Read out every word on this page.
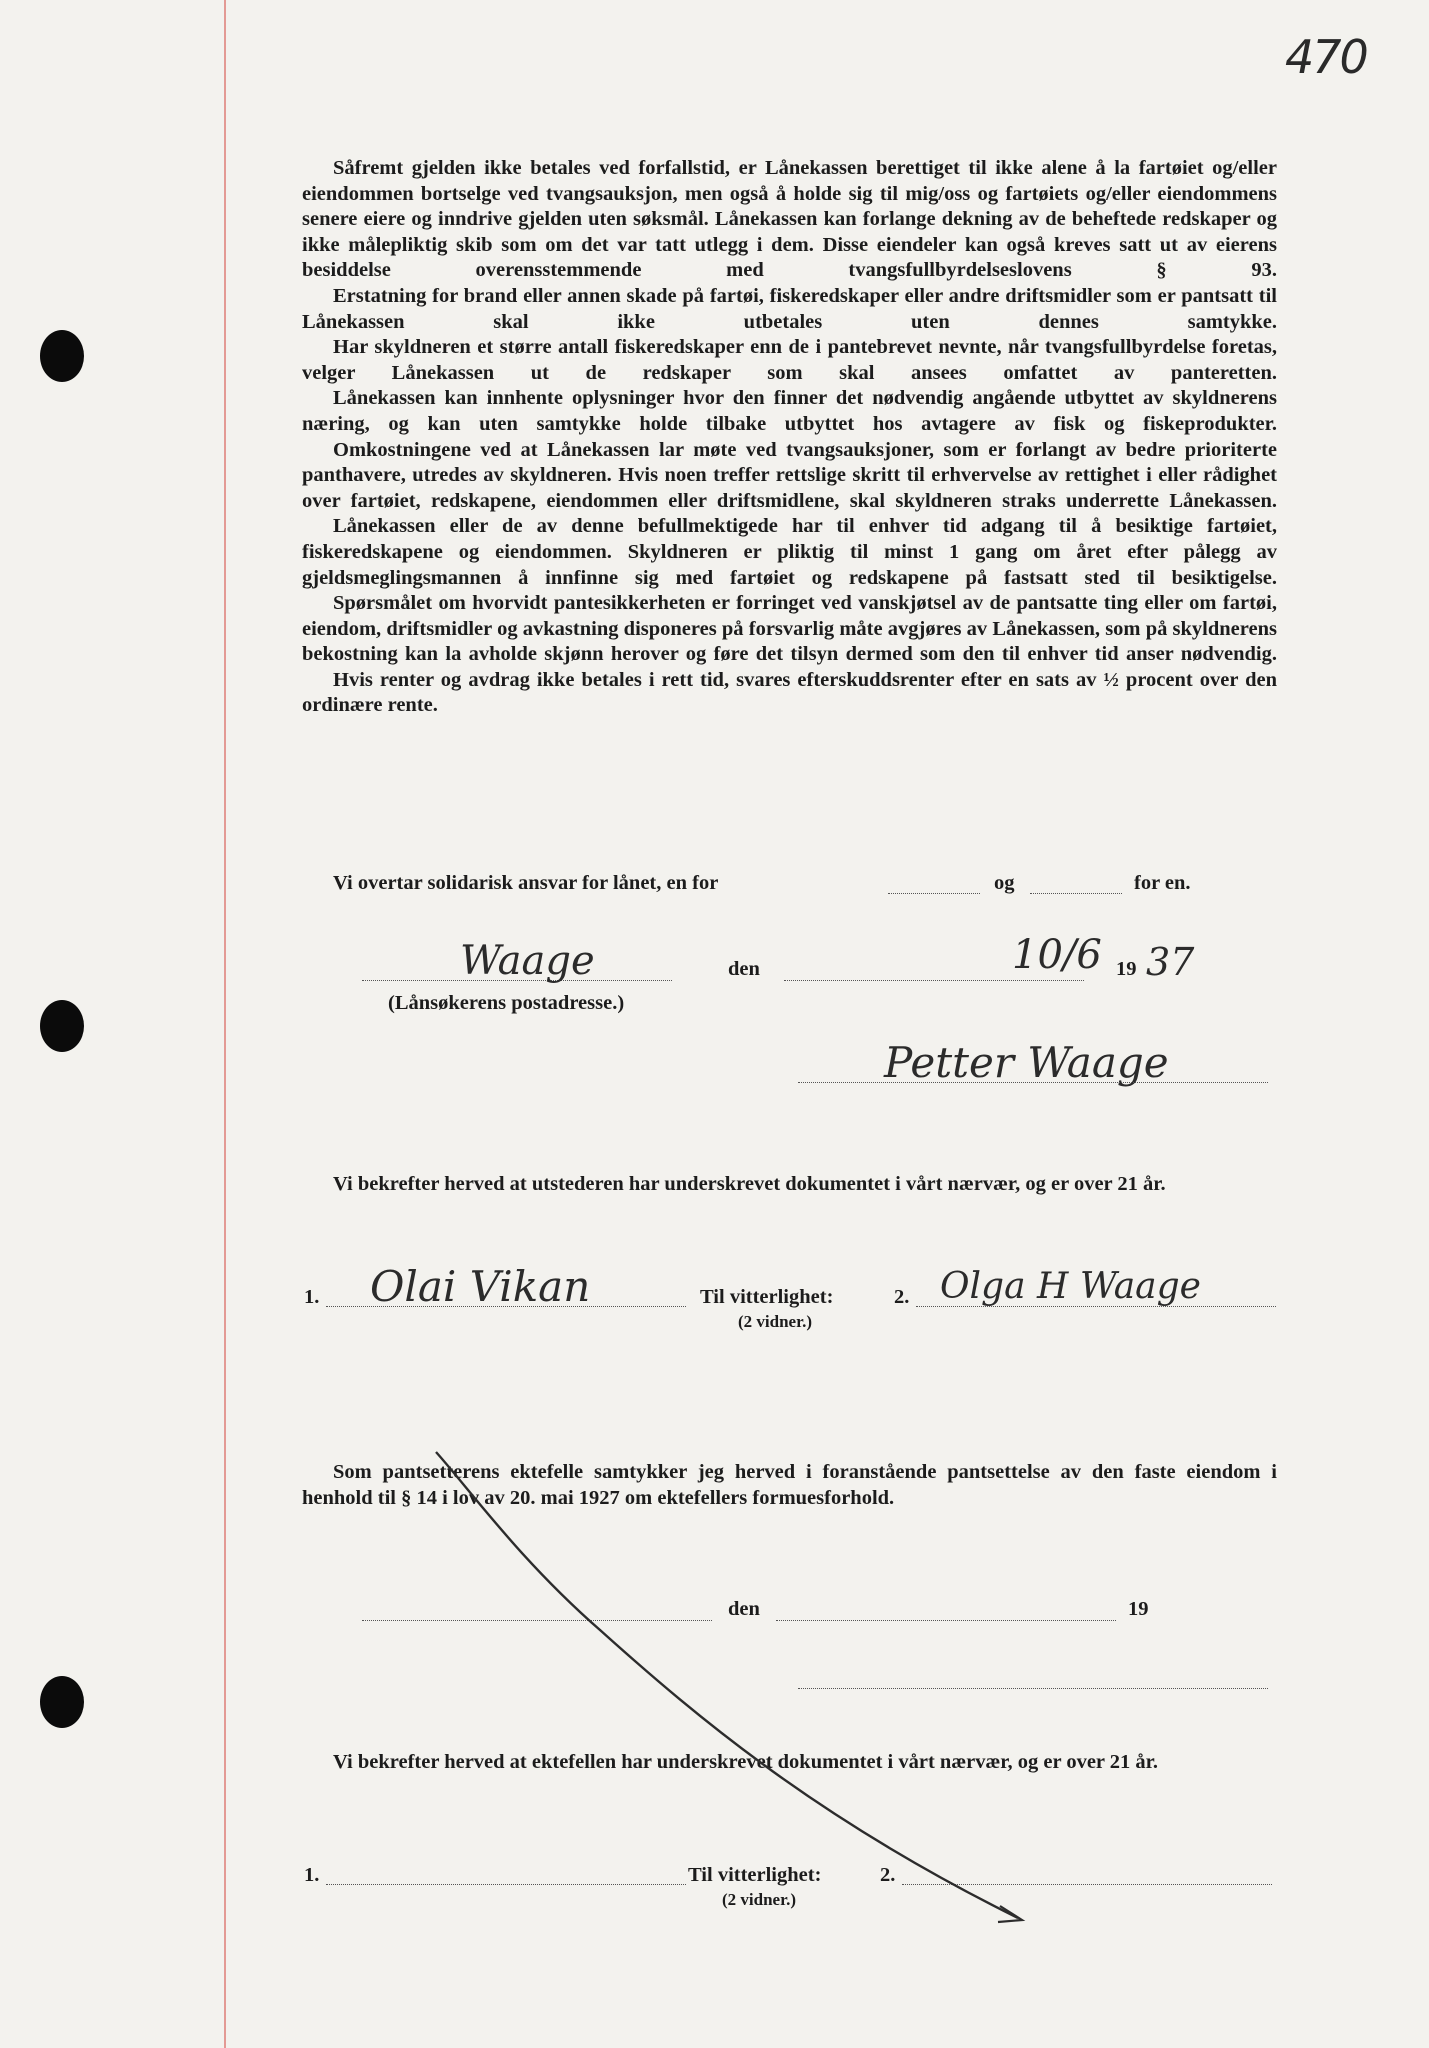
470

Såfremt gjelden ikke betales ved forfallstid, er Lånekassen berettiget til ikke alene å la fartøiet og/eller eiendommen bortselge ved tvangsauksjon, men også å holde sig til mig/oss og fartøiets og/eller eiendommens senere eiere og inndrive gjelden uten søksmål. Lånekassen kan forlange dekning av de beheftede redskaper og ikke målepliktig skib som om det var tatt utlegg i dem. Disse eiendeler kan også kreves satt ut av eierens besiddelse overensstemmende med tvangsfullbyrdelseslovens § 93.

Erstatning for brand eller annen skade på fartøi, fiskeredskaper eller andre driftsmidler som er pantsatt til Lånekassen skal ikke utbetales uten dennes samtykke.

Har skyldneren et større antall fiskeredskaper enn de i pantebrevet nevnte, når tvangsfullbyrdelse foretas, velger Lånekassen ut de redskaper som skal ansees omfattet av panteretten.

Lånekassen kan innhente oplysninger hvor den finner det nødvendig angående utbyttet av skyldnerens næring, og kan uten samtykke holde tilbake utbyttet hos avtagere av fisk og fiskeprodukter.

Omkostningene ved at Lånekassen lar møte ved tvangsauksjoner, som er forlangt av bedre prioriterte panthavere, utredes av skyldneren. Hvis noen treffer rettslige skritt til erhvervelse av rettighet i eller rådighet over fartøiet, redskapene, eiendommen eller driftsmidlene, skal skyldneren straks underrette Lånekassen.

Lånekassen eller de av denne befullmektigede har til enhver tid adgang til å besiktige fartøiet, fiskeredskapene og eiendommen. Skyldneren er pliktig til minst 1 gang om året efter pålegg av gjeldsmeglingsmannen å innfinne sig med fartøiet og redskapene på fastsatt sted til besiktigelse.

Spørsmålet om hvorvidt pantesikkerheten er forringet ved vanskjøtsel av de pantsatte ting eller om fartøi, eiendom, driftsmidler og avkastning disponeres på forsvarlig måte avgjøres av Lånekassen, som på skyldnerens bekostning kan la avholde skjønn herover og føre det tilsyn dermed som den til enhver tid anser nødvendig.

Hvis renter og avdrag ikke betales i rett tid, svares efterskuddsrenter efter en sats av ½ procent over den ordinære rente.

Vi overtar solidarisk ansvar for lånet, en for	og	for en.
Waage	den	10/6 19 37
(Lånsøkerens postadresse.)
Petter Waage

Vi bekrefter herved at utstederen har underskrevet dokumentet i vårt nærvær, og er over 21 år.

1. Olai Vikan	Til vitterlighet:	2. Olga H Waage
(2 vidner.)

Som pantsetterens ektefelle samtykker jeg herved i foranstående pantsettelse av den faste eiendom i henhold til § 14 i lov av 20. mai 1927 om ektefellers formuesforhold.

den	19

Vi bekrefter herved at ektefellen har underskrevet dokumentet i vårt nærvær, og er over 21 år.

1.	Til vitterlighet:	2.
(2 vidner.)
